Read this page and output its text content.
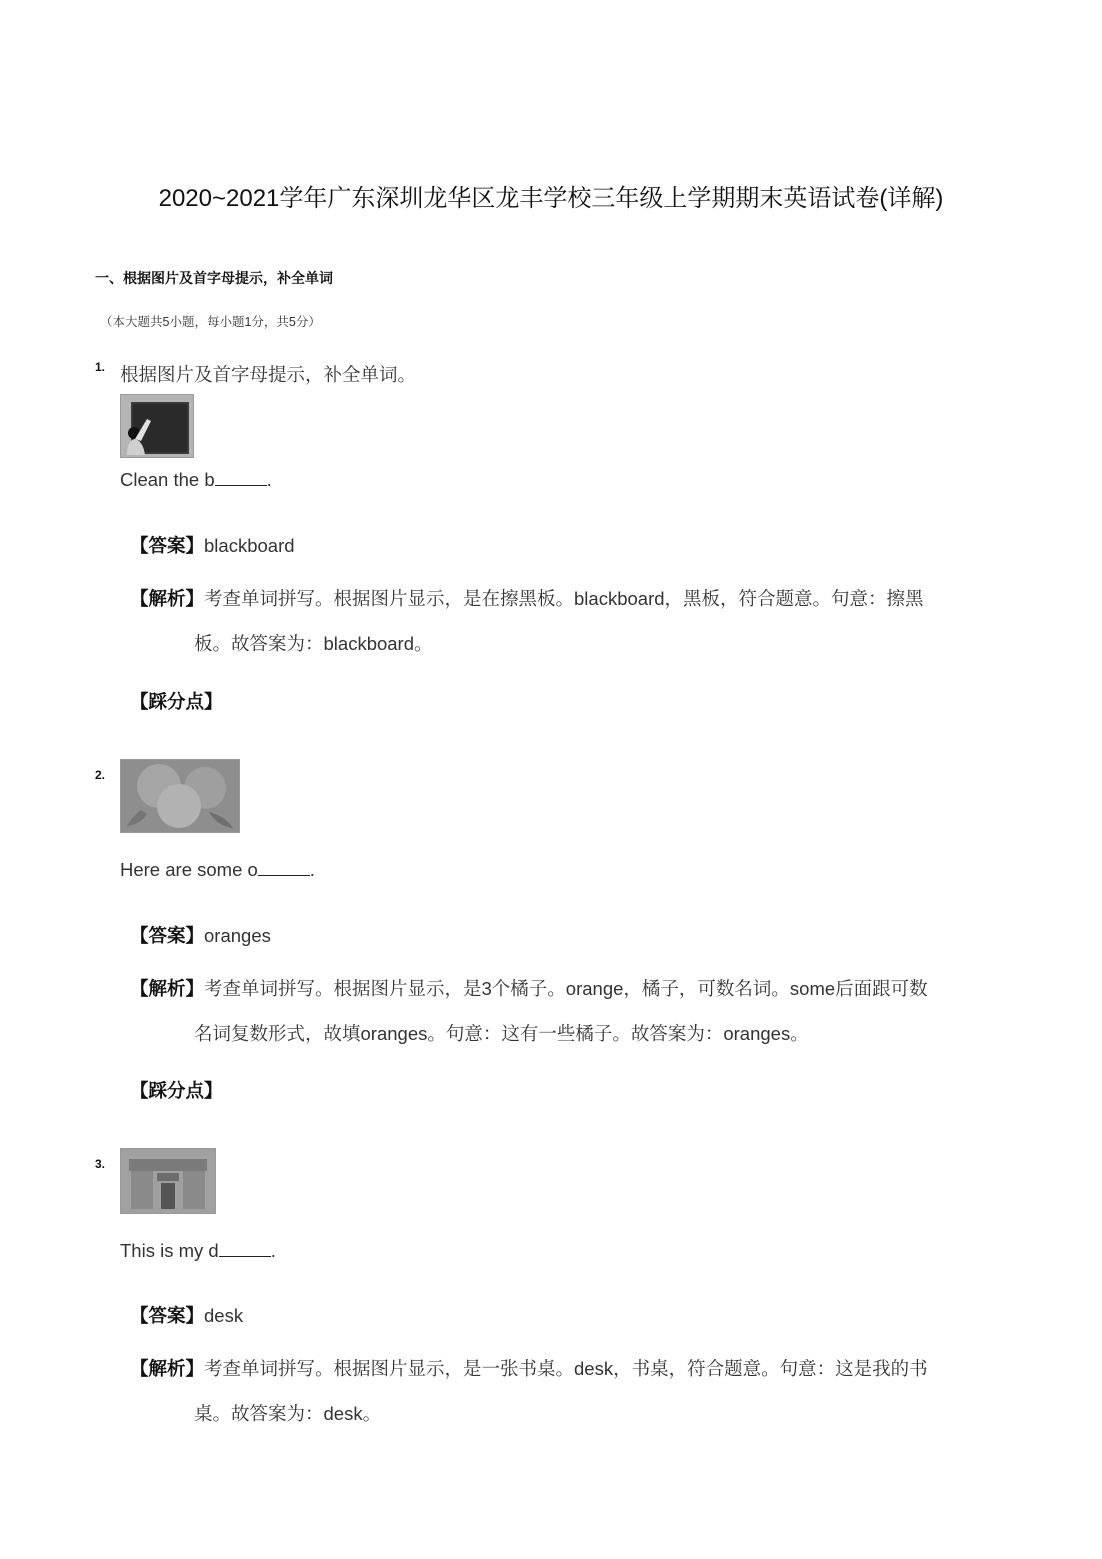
2020~2021学年广东深圳龙华区龙丰学校三年级上学期期末英语试卷(详解)
一、根据图片及首字母提示，补全单词
（本大题共5小题，每小题1分，共5分）
1. 根据图片及首字母提示，补全单词。
Clean the b	.
【答案】blackboard
【解析】考查单词拼写。根据图片显示，是在擦黑板。blackboard，黑板，符合题意。句意：擦黑
板。故答案为：blackboard。
【踩分点】
2.
Here are some o	.
【答案】oranges
【解析】考查单词拼写。根据图片显示，是3个橘子。orange，橘子，可数名词。some后面跟可数
名词复数形式，故填oranges。句意：这有一些橘子。故答案为：oranges。
【踩分点】
3.
This is my d	.
【答案】desk
【解析】考查单词拼写。根据图片显示，是一张书桌。desk，书桌，符合题意。句意：这是我的书
桌。故答案为：desk。
